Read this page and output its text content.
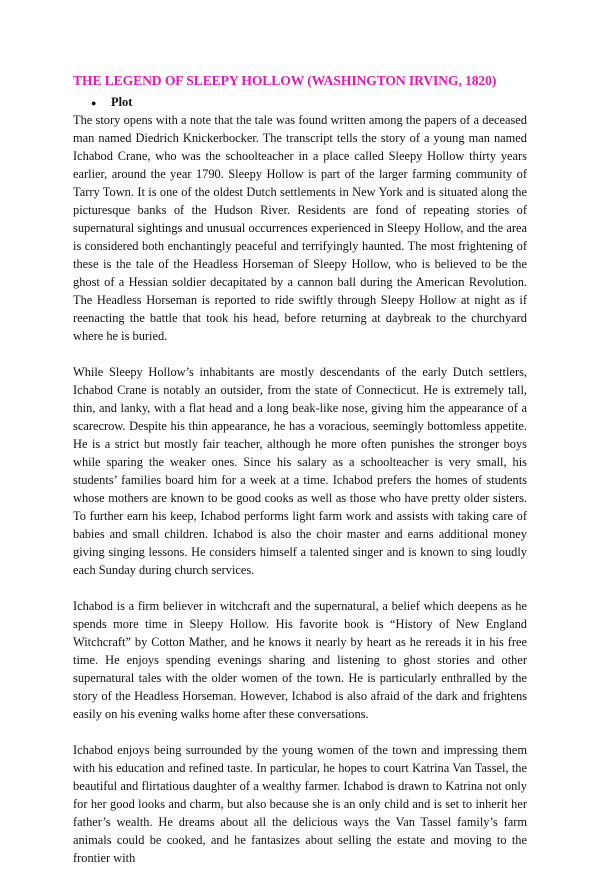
THE LEGEND OF SLEEPY HOLLOW (WASHINGTON IRVING, 1820)
●	Plot

The story opens with a note that the tale was found written among the papers of a deceased man named Diedrich Knickerbocker. The transcript tells the story of a young man named Ichabod Crane, who was the schoolteacher in a place called Sleepy Hollow thirty years earlier, around the year 1790. Sleepy Hollow is part of the larger farming community of Tarry Town. It is one of the oldest Dutch settlements in New York and is situated along the picturesque banks of the Hudson River. Residents are fond of repeating stories of supernatural sightings and unusual occurrences experienced in Sleepy Hollow, and the area is considered both enchantingly peaceful and terrifyingly haunted. The most frightening of these is the tale of the Headless Horseman of Sleepy Hollow, who is believed to be the ghost of a Hessian soldier decapitated by a cannon ball during the American Revolution. The Headless Horseman is reported to ride swiftly through Sleepy Hollow at night as if reenacting the battle that took his head, before returning at daybreak to the churchyard where he is buried.

While Sleepy Hollow’s inhabitants are mostly descendants of the early Dutch settlers, Ichabod Crane is notably an outsider, from the state of Connecticut. He is extremely tall, thin, and lanky, with a flat head and a long beak-like nose, giving him the appearance of a scarecrow. Despite his thin appearance, he has a voracious, seemingly bottomless appetite. He is a strict but mostly fair teacher, although he more often punishes the stronger boys while sparing the weaker ones. Since his salary as a schoolteacher is very small, his students’ families board him for a week at a time. Ichabod prefers the homes of students whose mothers are known to be good cooks as well as those who have pretty older sisters. To further earn his keep, Ichabod performs light farm work and assists with taking care of babies and small children. Ichabod is also the choir master and earns additional money giving singing lessons. He considers himself a talented singer and is known to sing loudly each Sunday during church services.

Ichabod is a firm believer in witchcraft and the supernatural, a belief which deepens as he spends more time in Sleepy Hollow. His favorite book is “History of New England Witchcraft” by Cotton Mather, and he knows it nearly by heart as he rereads it in his free time. He enjoys spending evenings sharing and listening to ghost stories and other supernatural tales with the older women of the town. He is particularly enthralled by the story of the Headless Horseman. However, Ichabod is also afraid of the dark and frightens easily on his evening walks home after these conversations.

Ichabod enjoys being surrounded by the young women of the town and impressing them with his education and refined taste. In particular, he hopes to court Katrina Van Tassel, the beautiful and flirtatious daughter of a wealthy farmer. Ichabod is drawn to Katrina not only for her good looks and charm, but also because she is an only child and is set to inherit her father’s wealth. He dreams about all the delicious ways the Van Tassel family’s farm animals could be cooked, and he fantasizes about selling the estate and moving to the frontier with
